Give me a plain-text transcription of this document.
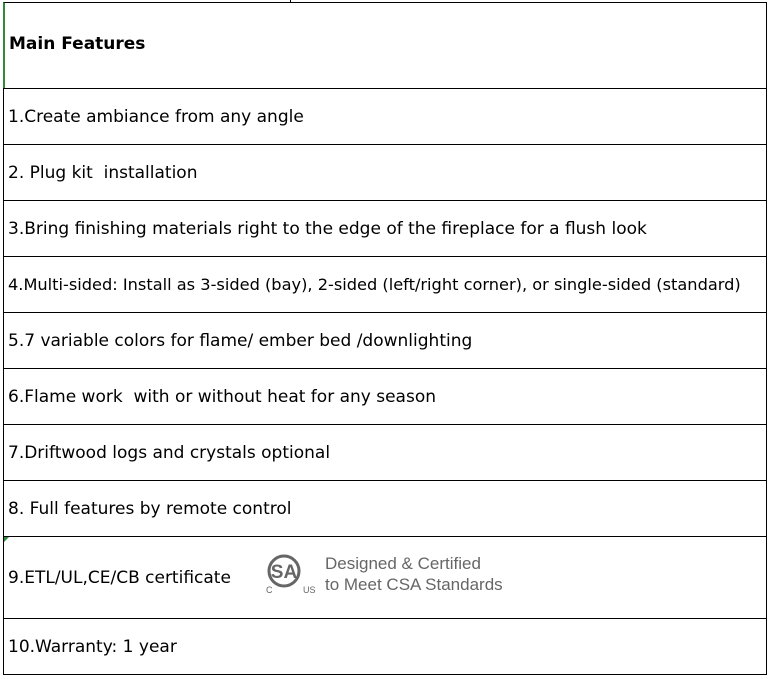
Main Features
1.Create ambiance from any angle
2. Plug kit  installation
3.Bring finishing materials right to the edge of the fireplace for a flush look
4.Multi-sided: Install as 3-sided (bay), 2-sided (left/right corner), or single-sided (standard)
5.7 variable colors for flame/ ember bed /downlighting
6.Flame work  with or without heat for any season
7.Driftwood logs and crystals optional
8. Full features by remote control
9.ETL/UL,CE/CB certificate SA
C	US
Designed & Certified
to Meet CSA Standards
10.Warranty: 1 year
